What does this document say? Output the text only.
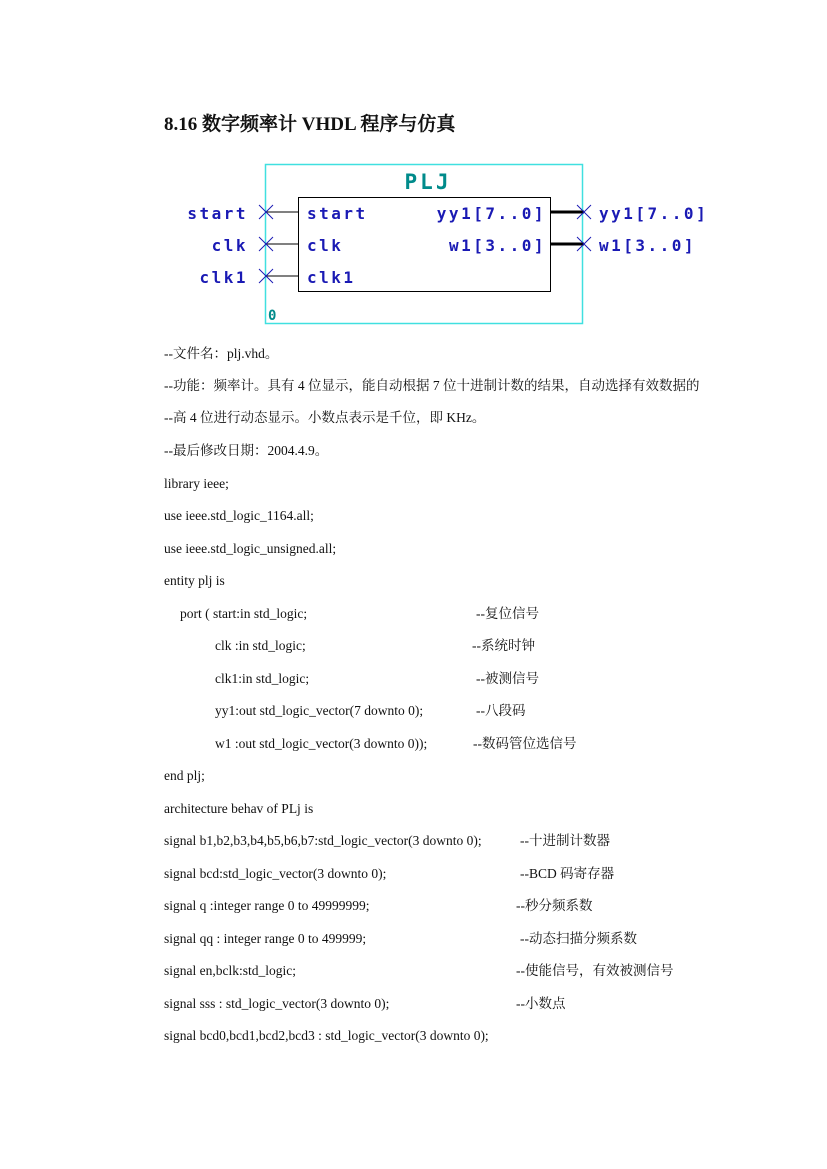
8.16 数字频率计 VHDL 程序与仿真
PLJ
start
clk
clk1
start
clk
clk1
yy1[7..0]
w1[3..0]
yy1[7..0]
w1[3..0]
0
--文件名：plj.vhd。
--功能：频率计。具有 4 位显示，能自动根据 7 位十进制计数的结果，自动选择有效数据的
--高 4 位进行动态显示。小数点表示是千位，即 KHz。
--最后修改日期：2004.4.9。
library ieee;
use ieee.std_logic_1164.all;
use ieee.std_logic_unsigned.all;
entity plj is
port ( start:in std_logic;	--复位信号
clk :in std_logic;	--系统时钟
clk1:in std_logic;	--被测信号
yy1:out std_logic_vector(7 downto 0);	--八段码
w1 :out std_logic_vector(3 downto 0));	--数码管位选信号
end plj;
architecture behav of PLj is
signal b1,b2,b3,b4,b5,b6,b7:std_logic_vector(3 downto 0);	--十进制计数器
signal bcd:std_logic_vector(3 downto 0);	--BCD 码寄存器
signal q :integer range 0 to 49999999;	--秒分频系数
signal qq : integer range 0 to 499999;	--动态扫描分频系数
signal en,bclk:std_logic;	--使能信号，有效被测信号
signal sss : std_logic_vector(3 downto 0);	--小数点
signal bcd0,bcd1,bcd2,bcd3 : std_logic_vector(3 downto 0);
